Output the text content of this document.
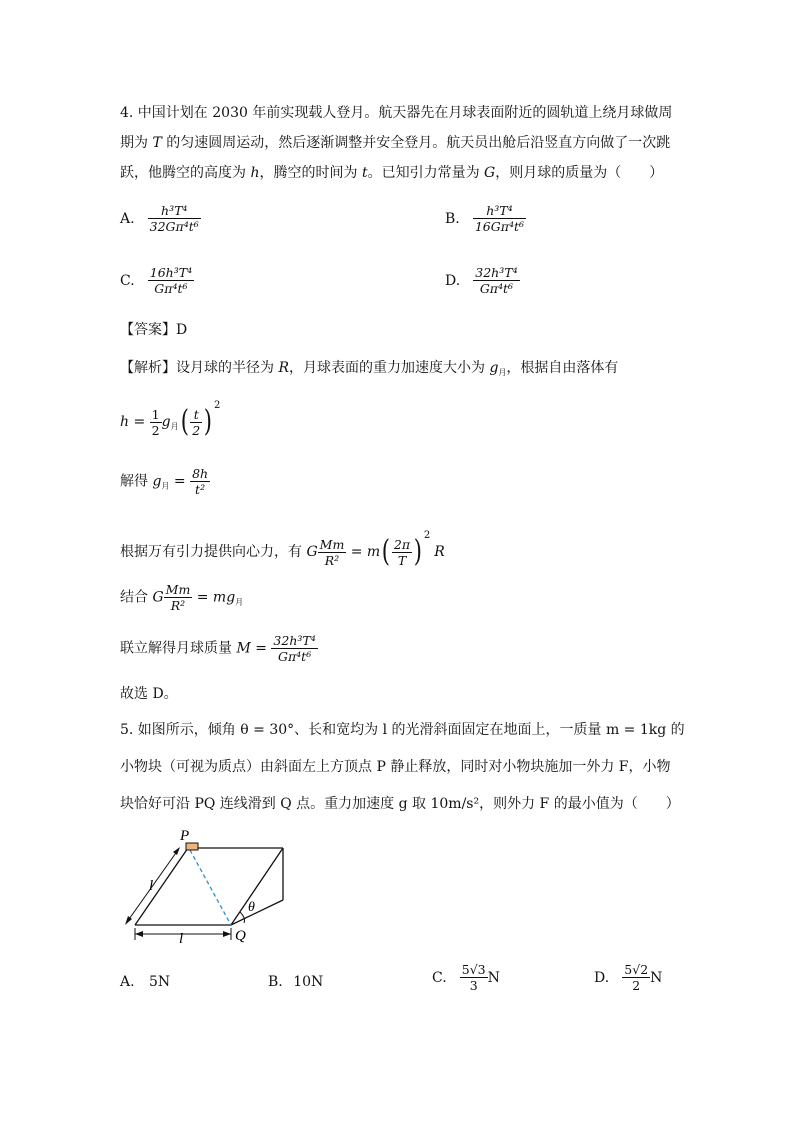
4. 中国计划在 2030 年前实现载人登月。航天器先在月球表面附近的圆轨道上绕月球做周
期为 T 的匀速圆周运动，然后逐渐调整并安全登月。航天员出舱后沿竖直方向做了一次跳
跃，他腾空的高度为 h，腾空的时间为 t。已知引力常量为 G，则月球的质量为（　　）
A. $\frac{\text{h³T⁴}}{\text{32Gπ⁴t⁶}}$	B. $\frac{\text{h³T⁴}}{\text{16Gπ⁴t⁶}}$
C. $\frac{\text{16h³T⁴}}{\text{Gπ⁴t⁶}}$	D. $\frac{\text{32h³T⁴}}{\text{Gπ⁴t⁶}}$
【答案】D
【解析】设月球的半径为 R，月球表面的重力加速度大小为 $g_月$，根据自由落体有
$h = \frac{1}{2} g_月( \frac{t}{2}$ ) $^2$
解得 $g_月 = \frac{8h}{\text{t²}}$
根据万有引力提供向心力，有 G $\frac{Mm}{\text{R²}} = m( \frac{2\pi}{T}$ ) $^2$R
结合 G $\frac{Mm}{\text{R²}} = mg_月$
联立解得月球质量 $M = \frac{\text{32h³T⁴}}{\text{Gπ⁴t⁶}}$
故选 D。
5. 如图所示，倾角 θ = 30°、长和宽均为 l 的光滑斜面固定在地面上，一质量 m = 1kg 的
小物块（可视为质点）由斜面左上方顶点 P 静止释放，同时对小物块施加一外力 F，小物
块恰好可沿 PQ 连线滑到 Q 点。重力加速度 g 取 10m/s²，则外力 F 的最小值为（　　）
P
Q
l
l
θ
A. 5N	B. 10N	C. $\frac{5√3}{3}$ N	D. $\frac{5√2}{2}$ N
